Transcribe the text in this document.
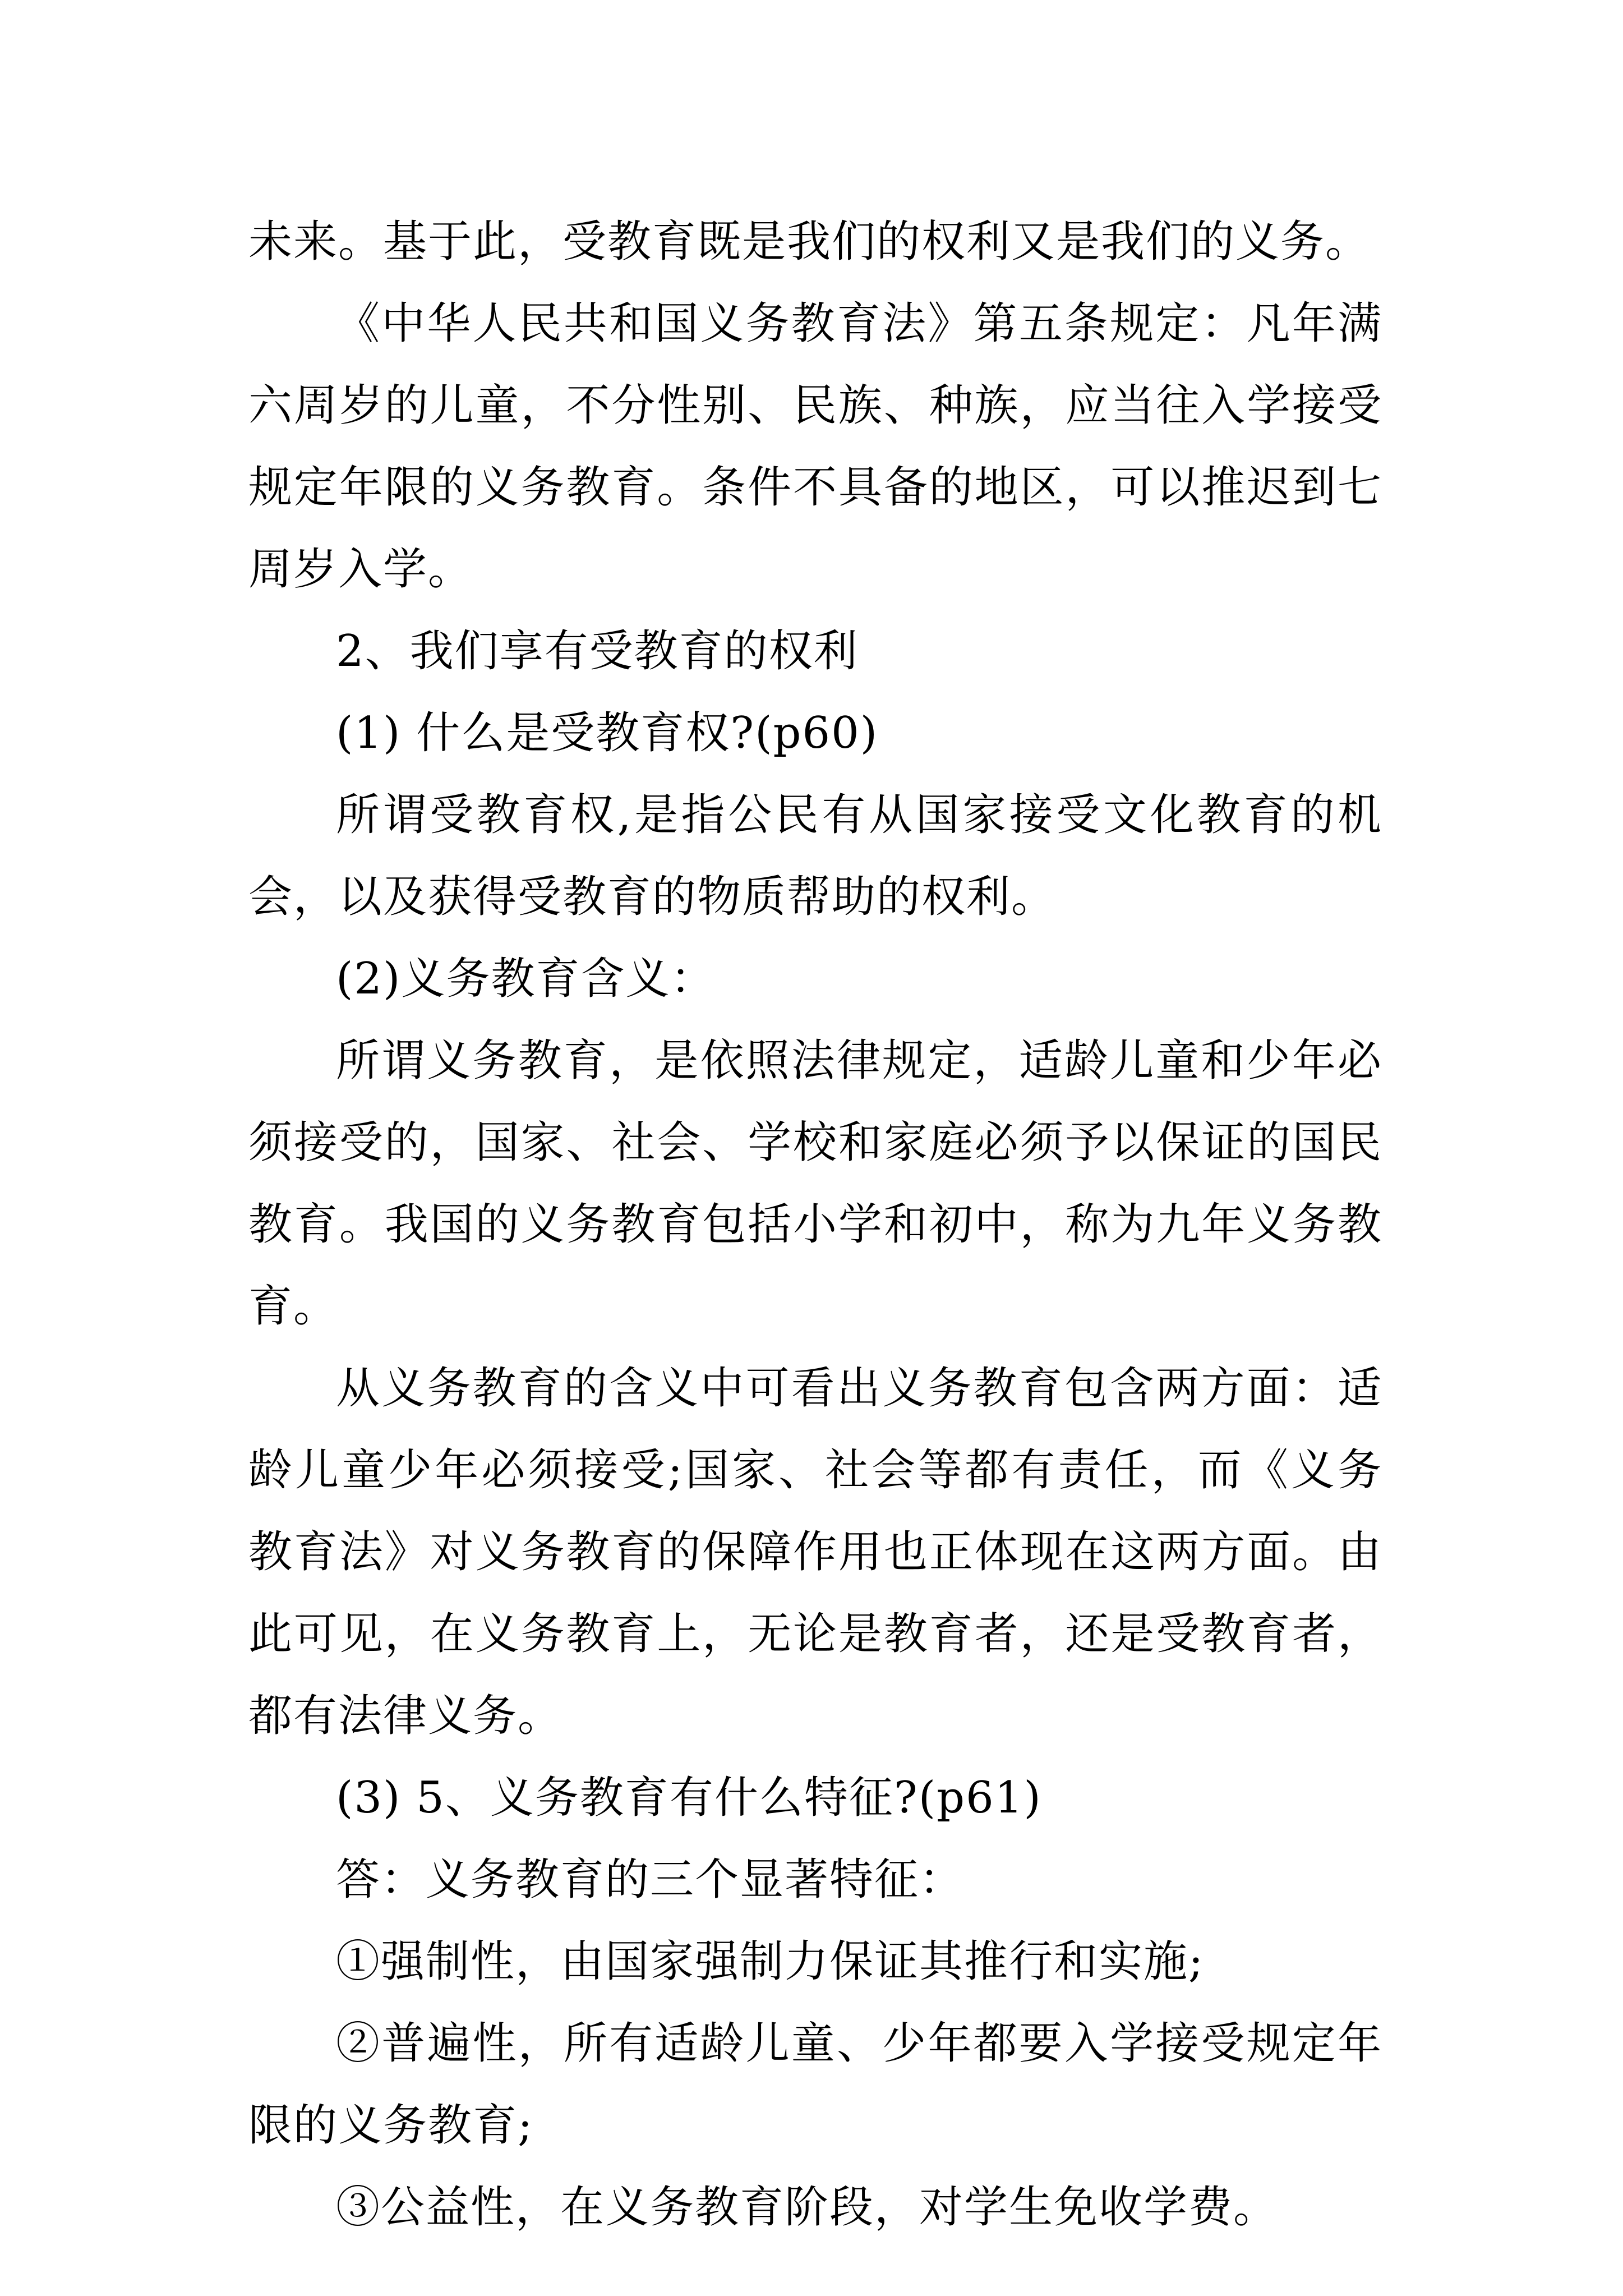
未来。基于此，受教育既是我们的权利又是我们的义务。

《中华人民共和国义务教育法》第五条规定：凡年满六周岁的儿童，不分性别、民族、种族，应当往入学接受规定年限的义务教育。条件不具备的地区，可以推迟到七周岁入学。

2、我们享有受教育的权利

(1) 什么是受教育权?(p60)

所谓受教育权,是指公民有从国家接受文化教育的机会，以及获得受教育的物质帮助的权利。

(2)义务教育含义：

所谓义务教育，是依照法律规定，适龄儿童和少年必须接受的，国家、社会、学校和家庭必须予以保证的国民教育。我国的义务教育包括小学和初中，称为九年义务教育。

从义务教育的含义中可看出义务教育包含两方面：适龄儿童少年必须接受;国家、社会等都有责任，而《义务教育法》对义务教育的保障作用也正体现在这两方面。由此可见，在义务教育上，无论是教育者，还是受教育者，都有法律义务。

(3) 5、义务教育有什么特征?(p61)

答：义务教育的三个显著特征：

①强制性，由国家强制力保证其推行和实施;

②普遍性，所有适龄儿童、少年都要入学接受规定年限的义务教育;

③公益性，在义务教育阶段，对学生免收学费。
